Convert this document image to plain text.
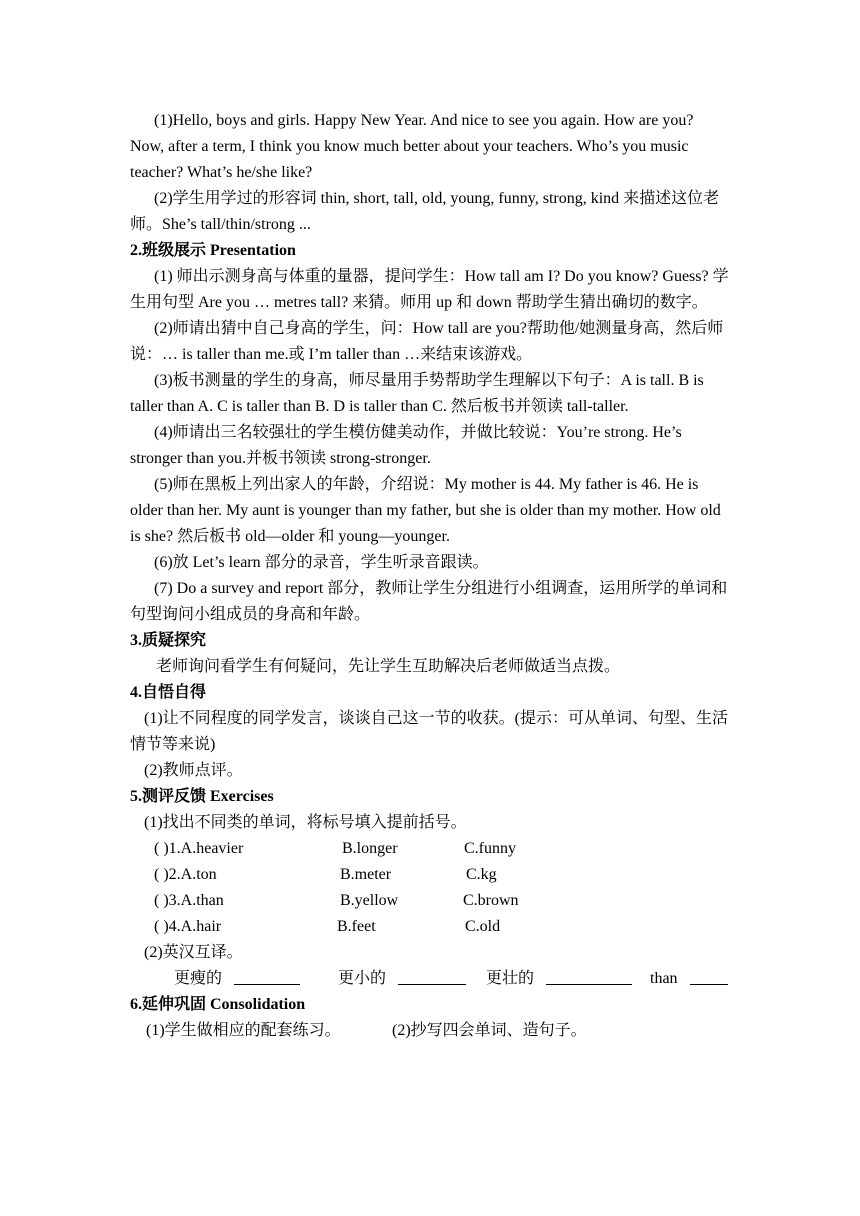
(1)Hello, boys and girls. Happy New Year. And nice to see you again. How are you? Now, after a term, I think you know much better about your teachers. Who’s you music teacher? What’s he/she like?

(2)学生用学过的形容词 thin, short, tall, old, young, funny, strong, kind 来描述这位老师。She’s tall/thin/strong ...

2.班级展示 Presentation

(1) 师出示测身高与体重的量器，提问学生：How tall am I? Do you know? Guess? 学生用句型 Are you … metres tall? 来猜。师用 up 和 down 帮助学生猜出确切的数字。

(2)师请出猜中自己身高的学生，问：How tall are you?帮助他/她测量身高，然后师说：… is taller than me.或 I’m taller than …来结束该游戏。

(3)板书测量的学生的身高，师尽量用手势帮助学生理解以下句子：A is tall. B is taller than A. C is taller than B. D is taller than C. 然后板书并领读 tall-taller.

(4)师请出三名较强壮的学生模仿健美动作，并做比较说：You’re strong. He’s stronger than you.并板书领读 strong-stronger.

(5)师在黑板上列出家人的年龄，介绍说：My mother is 44. My father is 46. He is older than her. My aunt is younger than my father, but she is older than my mother. How old is she? 然后板书 old—older 和 young—younger.

(6)放 Let’s learn 部分的录音，学生听录音跟读。

(7) Do a survey and report 部分，教师让学生分组进行小组调查，运用所学的单词和句型询问小组成员的身高和年龄。

3.质疑探究

老师询问看学生有何疑问，先让学生互助解决后老师做适当点拨。

4.自悟自得

(1)让不同程度的同学发言，谈谈自己这一节的收获。(提示：可从单词、句型、生活情节等来说)

(2)教师点评。

5.测评反馈 Exercises

(1)找出不同类的单词，将标号填入提前括号。

( )1.A.heavier	B.longer	C.funny
( )2.A.ton	B.meter	C.kg
( )3.A.than	B.yellow	C.brown
( )4.A.hair	B.feet	C.old

(2)英汉互译。

更瘦的	更小的	更壮的	than

6.延伸巩固 Consolidation

(1)学生做相应的配套练习。	(2)抄写四会单词、造句子。
